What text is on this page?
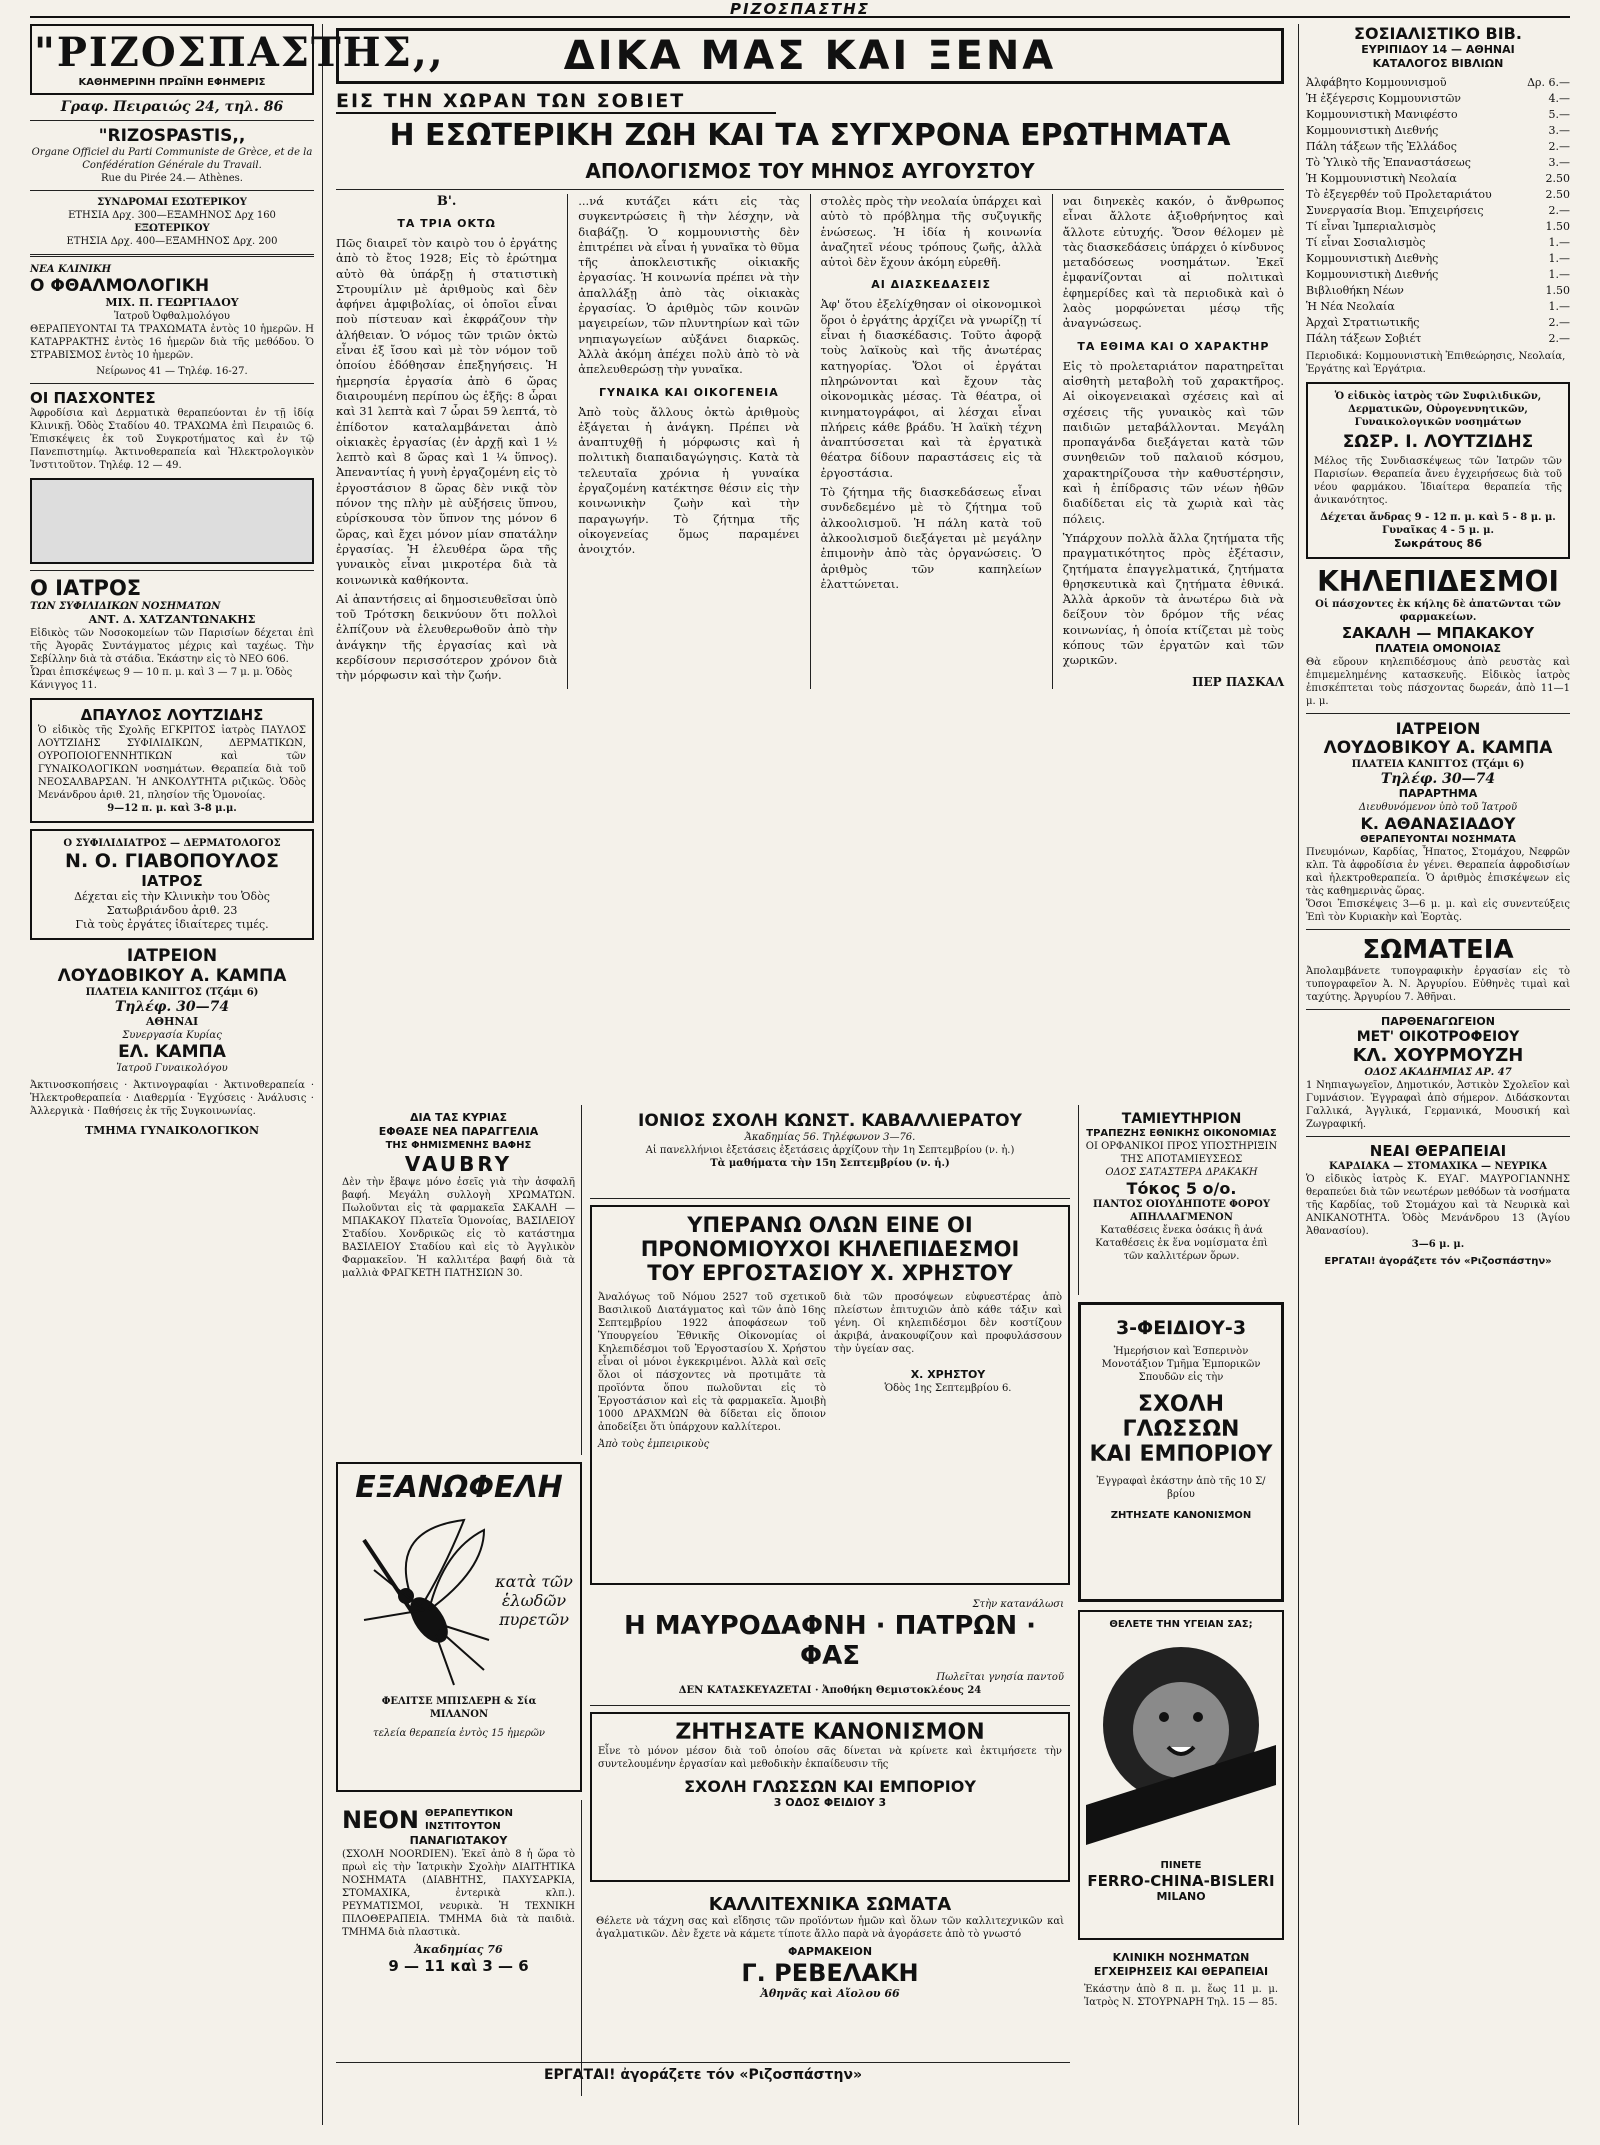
ΡΙΖΟΣΠΑΣΤΗΣ
"ΡΙΖΟΣΠΑΣΤΗΣ,,
ΚΑΘΗΜΕΡΙΝΗ ΠΡΩΪΝΗ ΕΦΗΜΕΡΙΣ
Γραφ. Πειραιώς 24, τηλ. 86
"RIZOSPASTIS,,
Organe Officiel du Parti Communiste de Grèce, et de la Confédération Générale du Travail.
Rue du Pirée 24.— Athènes.
ΣΥΝΔΡΟΜΑΙ ΕΣΩΤΕΡΙΚΟΥ
ΕΤΗΣΙΑ Δρχ. 300—ΕΞΑΜΗΝΟΣ Δρχ 160
ΕΞΩΤΕΡΙΚΟΥ
ΕΤΗΣΙΑ Δρχ. 400—ΕΞΑΜΗΝΟΣ Δρχ. 200
ΝΕΑ ΚΛΙΝΙΚΗ
Ο ΦΘΑΛΜΟΛΟΓΙΚΗ
ΜΙΧ. Π. ΓΕΩΡΓΙΑΔΟΥ
Ἰατροῦ Ὀφθαλμολόγου
ΘΕΡΑΠΕΥΟΝΤΑΙ ΤΑ ΤΡΑΧΩΜΑΤΑ ἐντὸς 10 ἡμερῶν. Η ΚΑΤΑΡΡΑΚΤΗΣ ἐντὸς 16 ἡμερῶν διὰ τῆς μεθόδου. Ὁ ΣΤΡΑΒΙΣΜΟΣ ἐντὸς 10 ἡμερῶν.
Νείρωνος 41 — Τηλέφ. 16-27.
ΟΙ ΠΑΣΧΟΝΤΕΣ
Ἀφροδίσια καὶ Δερματικὰ θεραπεύονται ἐν τῇ ἰδίᾳ Κλινικῇ. Ὁδὸς Σταδίου 40. ΤΡΑΧΩΜΑ ἐπὶ Πειραιῶς 6. Ἐπισκέψεις ἐκ τοῦ Συγκροτήματος καὶ ἐν τῷ Πανεπιστημίῳ. Ἀκτινοθεραπεία καὶ Ἡλεκτρολογικὸν Ἰνστιτοῦτον. Τηλέφ. 12 — 49.
Ο ΙΑΤΡΟΣ
ΤΩΝ ΣΥΦΙΛΙΔΙΚΩΝ ΝΟΣΗΜΑΤΩΝ
ΑΝΤ. Δ. ΧΑΤΖΑΝΤΩΝΑΚΗΣ
Εἰδικὸς τῶν Νοσοκομείων τῶν Παρισίων δέχεται ἐπὶ τῆς Ἀγορᾶς Συντάγματος μέχρις καὶ ταχέως. Τὴν Σεβίλλην διὰ τὰ στάδια. Ἐκάστην εἰς τὸ ΝΕΟ 606.
Ὧραι ἐπισκέψεως 9 — 10 π. μ. καὶ 3 — 7 μ. μ. Ὁδὸς Κάνιγγος 11.
ΔΠΑΥΛΟΣ ΛΟΥΤΖΙΔΗΣ
Ὁ εἰδικὸς τῆς Σχολῆς ΕΓΚΡΙΤΟΣ ἰατρὸς ΠΑΥΛΟΣ ΛΟΥΤΖΙΔΗΣ ΣΥΦΙΛΙΔΙΚΩΝ, ΔΕΡΜΑΤΙΚΩΝ, ΟΥΡΟΠΟΙΟΓΕΝΝΗΤΙΚΩΝ καὶ τῶν ΓΥΝΑΙΚΟΛΟΓΙΚΩΝ νοσημάτων. Θεραπεία διὰ τοῦ ΝΕΟΣΑΛΒΑΡΣΑΝ. Ἡ ΑΝΚΟΛΥΤΗΤΑ ριζικῶς. Ὁδὸς Μενάνδρου ἀριθ. 21, πλησίον τῆς Ὁμονοίας.
9—12 π. μ. καὶ 3-8 μ.μ.
Ο ΣΥΦΙΛΙΔΙΑΤΡΟΣ — ΔΕΡΜΑΤΟΛΟΓΟΣ
Ν. Ο. ΓΙΑΒΟΠΟΥΛΟΣ
ΙΑΤΡΟΣ
Δέχεται εἰς τὴν Κλινικὴν του Ὁδὸς Σατωβριάνδου ἀριθ. 23
Γιὰ τοὺς ἐργάτες ἰδιαίτερες τιμές.
ΙΑΤΡΕΙΟΝ
ΛΟΥΔΟΒΙΚΟΥ Α. ΚΑΜΠΑ
ΠΛΑΤΕΙΑ ΚΑΝΙΓΓΟΣ (Τζάμι 6)
Τηλέφ. 30—74
ΑΘΗΝΑΙ
Συνεργασία Κυρίας
ΕΛ. ΚΑΜΠΑ
Ἰατροῦ Γυναικολόγου
Ἀκτινοσκοπήσεις · Ἀκτινογραφίαι · Ἀκτινοθεραπεία · Ἡλεκτροθεραπεία · Διαθερμία · Ἐγχύσεις · Ἀνάλυσις · Ἀλλεργικὰ · Παθήσεις ἐκ τῆς Συγκοινωνίας.
ΤΜΗΜΑ ΓΥΝΑΙΚΟΛΟΓΙΚΟΝ
ΔΙΚΑ ΜΑΣ ΚΑΙ ΞΕΝΑ
ΕΙΣ ΤΗΝ ΧΩΡΑΝ ΤΩΝ ΣΟΒΙΕΤ
Η ΕΣΩΤΕΡΙΚΗ ΖΩΗ ΚΑΙ ΤΑ ΣΥΓΧΡΟΝΑ ΕΡΩΤΗΜΑΤΑ
ΑΠΟΛΟΓΙΣΜΟΣ ΤΟΥ ΜΗΝΟΣ ΑΥΓΟΥΣΤΟΥ
Β'.
ΤΑ ΤΡΙΑ ΟΚΤΩ
Πῶς διαιρεῖ τὸν καιρὸ του ὁ ἐργάτης ἀπὸ τὸ ἔτος 1928; Εἰς τὸ ἐρώτημα αὐτὸ θὰ ὑπάρξῃ ἡ στατιστικὴ Στρουμίλιν μὲ ἀριθμοὺς καὶ δὲν ἀφήνει ἀμφιβολίας, οἱ ὁποῖοι εἶναι ποὺ πίστευαν καὶ ἐκφράζουν τὴν ἀλήθειαν. Ὁ νόμος τῶν τριῶν ὀκτὼ εἶναι ἐξ ἴσου καὶ μὲ τὸν νόμον τοῦ ὁποίου ἐδόθησαν ἐπεξηγήσεις. Ἡ ἡμερησία ἐργασία ἀπὸ 6 ὥρας διαιρουμένη περίπου ὡς ἑξῆς: 8 ὧραι καὶ 31 λεπτὰ καὶ 7 ὧραι 59 λεπτά, τὸ ἐπίδοτον καταλαμβάνεται ἀπὸ οἰκιακὲς ἐργασίας (ἐν ἀρχῇ καὶ 1 ½ λεπτὸ καὶ 8 ὥρας καὶ 1 ¼ ὕπνος). Ἀπεναντίας ἡ γυνὴ ἐργαζομένη εἰς τὸ ἐργοστάσιον 8 ὥρας δὲν νικᾷ τὸν πόνον της πλὴν μὲ αὐξήσεις ὕπνου, εὑρίσκουσα τὸν ὕπνον της μόνον 6 ὥρας, καὶ ἔχει μόνον μίαν σπατάλην ἐργασίας. Ἡ ἐλευθέρα ὥρα τῆς γυναικὸς εἶναι μικροτέρα διὰ τὰ κοινωνικὰ καθήκοντα.
Αἱ ἀπαντήσεις αἱ δημοσιευθεῖσαι ὑπὸ τοῦ Τρότσκη δεικνύουν ὅτι πολλοὶ ἐλπίζουν νὰ ἐλευθερωθοῦν ἀπὸ τὴν ἀνάγκην τῆς ἐργασίας καὶ νὰ κερδίσουν περισσότερον χρόνον διὰ τὴν μόρφωσιν καὶ τὴν ζωήν.
...νά κυτάζει κάτι εἰς τὰς συγκεντρώσεις ἢ τὴν λέσχην, νὰ διαβάζῃ. Ὁ κομμουνιστὴς δὲν ἐπιτρέπει νὰ εἶναι ἡ γυναῖκα τὸ θῦμα τῆς ἀποκλειστικῆς οἰκιακῆς ἐργασίας. Ἡ κοινωνία πρέπει νὰ τὴν ἀπαλλάξῃ ἀπὸ τὰς οἰκιακὰς ἐργασίας. Ὁ ἀριθμὸς τῶν κοινῶν μαγειρείων, τῶν πλυντηρίων καὶ τῶν νηπιαγωγείων αὐξάνει διαρκῶς. Ἀλλὰ ἀκόμη ἀπέχει πολὺ ἀπὸ τὸ νὰ ἀπελευθερώσῃ τὴν γυναῖκα.
ΓΥΝΑΙΚΑ ΚΑΙ ΟΙΚΟΓΕΝΕΙΑ
Ἀπὸ τοὺς ἄλλους ὀκτὼ ἀριθμοὺς ἐξάγεται ἡ ἀνάγκη. Πρέπει νὰ ἀναπτυχθῇ ἡ μόρφωσις καὶ ἡ πολιτικὴ διαπαιδαγώγησις. Κατὰ τὰ τελευταῖα χρόνια ἡ γυναίκα ἐργαζομένη κατέκτησε θέσιν εἰς τὴν κοινωνικὴν ζωὴν καὶ τὴν παραγωγήν. Τὸ ζήτημα τῆς οἰκογενείας ὅμως παραμένει ἀνοιχτόν.
στολὲς πρὸς τὴν νεολαία ὑπάρχει καὶ αὐτὸ τὸ πρόβλημα τῆς συζυγικῆς ἑνώσεως. Ἡ ἰδία ἡ κοινωνία ἀναζητεῖ νέους τρόπους ζωῆς, ἀλλὰ αὐτοὶ δὲν ἔχουν ἀκόμη εὑρεθῆ.
ΑΙ ΔΙΑΣΚΕΔΑΣΕΙΣ
Ἀφ' ὅτου ἐξελίχθησαν οἱ οἰκονομικοὶ ὅροι ὁ ἐργάτης ἀρχίζει νὰ γνωρίζῃ τί εἶναι ἡ διασκέδασις. Τοῦτο ἀφορᾷ τοὺς λαϊκοὺς καὶ τῆς ἀνωτέρας κατηγορίας. Ὅλοι οἱ ἐργάται πληρώνονται καὶ ἔχουν τὰς οἰκονομικὰς μέσας. Τὰ θέατρα, οἱ κινηματογράφοι, αἱ λέσχαι εἶναι πλήρεις κάθε βράδυ. Ἡ λαϊκὴ τέχνη ἀναπτύσσεται καὶ τὰ ἐργατικὰ θέατρα δίδουν παραστάσεις εἰς τὰ ἐργοστάσια.
Τὸ ζήτημα τῆς διασκεδάσεως εἶναι συνδεδεμένο μὲ τὸ ζήτημα τοῦ ἀλκοολισμοῦ. Ἡ πάλη κατὰ τοῦ ἀλκοολισμοῦ διεξάγεται μὲ μεγάλην ἐπιμονὴν ἀπὸ τὰς ὀργανώσεις. Ὁ ἀριθμὸς τῶν καπηλείων ἐλαττώνεται.
ναι διηνεκὲς κακόν, ὁ ἄνθρωπος εἶναι ἄλλοτε ἀξιοθρήνητος καὶ ἄλλοτε εὐτυχής. Ὅσον θέλομεν μὲ τὰς διασκεδάσεις ὑπάρχει ὁ κίνδυνος μεταδόσεως νοσημάτων. Ἐκεῖ ἐμφανίζονται αἱ πολιτικαὶ ἐφημερίδες καὶ τὰ περιοδικὰ καὶ ὁ λαὸς μορφώνεται μέσῳ τῆς ἀναγνώσεως.
ΤΑ ΕΘΙΜΑ ΚΑΙ Ο ΧΑΡΑΚΤΗΡ
Εἰς τὸ προλεταριάτον παρατηρεῖται αἰσθητὴ μεταβολὴ τοῦ χαρακτῆρος. Αἱ οἰκογενειακαὶ σχέσεις καὶ αἱ σχέσεις τῆς γυναικὸς καὶ τῶν παιδιῶν μεταβάλλονται. Μεγάλη προπαγάνδα διεξάγεται κατὰ τῶν συνηθειῶν τοῦ παλαιοῦ κόσμου, χαρακτηρίζουσα τὴν καθυστέρησιν, καὶ ἡ ἐπίδρασις τῶν νέων ἠθῶν διαδίδεται εἰς τὰ χωριὰ καὶ τὰς πόλεις.
Ὑπάρχουν πολλὰ ἄλλα ζητήματα τῆς πραγματικότητος πρὸς ἐξέτασιν, ζητήματα ἐπαγγελματικά, ζητήματα θρησκευτικὰ καὶ ζητήματα ἐθνικά. Ἀλλὰ ἀρκοῦν τὰ ἀνωτέρω διὰ νὰ δείξουν τὸν δρόμον τῆς νέας κοινωνίας, ἡ ὁποία κτίζεται μὲ τοὺς κόπους τῶν ἐργατῶν καὶ τῶν χωρικῶν.
ΠΕΡ ΠΑΣΚΑΛ
ΔΙΑ ΤΑΣ ΚΥΡΙΑΣ
ΕΦΘΑΣΕ ΝΕΑ ΠΑΡΑΓΓΕΛΙΑ
ΤΗΣ ΦΗΜΙΣΜΕΝΗΣ ΒΑΦΗΣ
VAUBRY
Δὲν τὴν ἔβαψε μόνο ἐσεῖς γιὰ τὴν ἀσφαλῆ βαφή. Μεγάλη συλλογὴ ΧΡΩΜΑΤΩΝ. Πωλοῦνται εἰς τὰ φαρμακεῖα ΣΑΚΑΛΗ — ΜΠΑΚΑΚΟΥ Πλατεῖα Ὁμονοίας, ΒΑΣΙΛΕΙΟΥ Σταδίου. Χονδρικῶς εἰς τὸ κατάστημα ΒΑΣΙΛΕΙΟΥ Σταδίου καὶ εἰς τὸ Ἀγγλικὸν Φαρμακεῖον. Ἡ καλλιτέρα βαφή διὰ τὰ μαλλιὰ ΦΡΑΓΚΕΤΗ ΠΑΤΗΣΙΩΝ 30.
ΕΞΑΝΩΦΕΛΗ
κατὰ τῶν ἑλωδῶν πυρετῶν
ΦΕΛΙΤΣΕ ΜΠΙΣΛΕΡΗ & Σία
ΜΙΛΑΝΟΝ
τελεία θεραπεία ἐντὸς 15 ἡμερῶν
ΝΕΟΝ ΘΕΡΑΠΕΥΤΙΚΟΝ ΙΝΣΤΙΤΟΥΤΟΝ
ΠΑΝΑΓΙΩΤΑΚΟΥ
(ΣΧΟΛΗ NOORDIEN). Ἐκεῖ ἀπὸ 8 ἡ ὥρα τὸ πρωὶ εἰς τὴν Ἰατρικὴν Σχολὴν ΔΙΑΙΤΗΤΙΚΑ ΝΟΣΗΜΑΤΑ (ΔΙΑΒΗΤΗΣ, ΠΑΧΥΣΑΡΚΙΑ, ΣΤΟΜΑΧΙΚΑ, ἐντερικὰ κλπ.). ΡΕΥΜΑΤΙΣΜΟΙ, νευρικὰ. Ἡ ΤΕΧΝΙΚΗ ΠΙΛΟΘΕΡΑΠΕΙΑ. ΤΜΗΜΑ διὰ τὰ παιδιὰ. ΤΜΗΜΑ διὰ πλαστικὰ.
Ἀκαδημίας 76
9 — 11 καὶ 3 — 6
ΙΟΝΙΟΣ ΣΧΟΛΗ ΚΩΝΣΤ. ΚΑΒΑΛΛΙΕΡΑΤΟΥ
Ἀκαδημίας 56. Τηλέφωνον 3—76.
Αἱ πανελλήνιοι ἐξετάσεις ἐξετάσεις ἀρχίζουν τὴν 1η Σεπτεμβρίου (ν. ἡ.)
Τὰ μαθήματα τὴν 15η Σεπτεμβρίου (ν. ἡ.)
ΥΠΕΡΑΝΩ ΟΛΩΝ ΕΙΝΕ ΟΙ
ΠΡΟΝΟΜΙΟΥΧΟΙ ΚΗΛΕΠΙΔΕΣΜΟΙ
ΤΟΥ ΕΡΓΟΣΤΑΣΙΟΥ Χ. ΧΡΗΣΤΟΥ
Ἀναλόγως τοῦ Νόμου 2527 τοῦ σχετικοῦ Βασιλικοῦ Διατάγματος καὶ τῶν ἀπὸ 16ης Σεπτεμβρίου 1922 ἀποφάσεων τοῦ Ὑπουργείου Ἐθνικῆς Οἰκονομίας οἱ Κηλεπιδέσμοι τοῦ Ἐργοστασίου Χ. Χρήστου εἶναι οἱ μόνοι ἐγκεκριμένοι. Ἀλλὰ καὶ σεῖς ὅλοι οἱ πάσχοντες νὰ προτιμᾶτε τὰ προϊόντα ὅπου πωλοῦνται εἰς τὸ Ἐργοστάσιον καὶ εἰς τὰ φαρμακεῖα. Ἀμοιβὴ 1000 ΔΡΑΧΜΩΝ θὰ δίδεται εἰς ὅποιον ἀποδείξει ὅτι ὑπάρχουν καλλίτεροι.
διὰ τῶν προσόψεων εὐφυεστέρας ἀπὸ πλείστων ἐπιτυχιῶν ἀπὸ κάθε τάξιν καὶ γένη. Οἱ κηλεπιδέσμοι δὲν κοστίζουν ἀκριβά, ἀνακουφίζουν καὶ προφυλάσσουν τὴν ὑγείαν σας.
Χ. ΧΡΗΣΤΟΥ
Ὁδὸς 1ης Σεπτεμβρίου 6.
Ἀπὸ τοὺς ἐμπειρικοὺς
Στὴν κατανάλωσι
Η ΜΑΥΡΟΔΑΦΝΗ · ΠΑΤΡΩΝ · ΦΑΣ
Πωλεῖται γνησία παντοῦ
ΔΕΝ ΚΑΤΑΣΚΕΥΑΖΕΤΑΙ · Ἀποθήκη Θεμιστοκλέους 24
ΖΗΤΗΣΑΤΕ ΚΑΝΟΝΙΣΜΟΝ
Εἶνε τὸ μόνον μέσον διὰ τοῦ ὁποίου σᾶς δίνεται νὰ κρίνετε καὶ ἐκτιμήσετε τὴν συντελουμένην ἐργασίαν καὶ μεθοδικὴν ἐκπαίδευσιν τῆς
ΣΧΟΛΗ ΓΛΩΣΣΩΝ ΚΑΙ ΕΜΠΟΡΙΟΥ
3 ΟΔΟΣ ΦΕΙΔΙΟΥ 3
ΚΑΛΛΙΤΕΧΝΙΚΑ ΣΩΜΑΤΑ
Θέλετε νὰ τάχνη σας καὶ εἴδησις τῶν προϊόντων ἡμῶν καὶ ὅλων τῶν καλλιτεχνικῶν καὶ ἀγαλματικῶν. Δὲν ἔχετε νὰ κάμετε τίποτε ἄλλο παρὰ νὰ ἀγοράσετε ἀπὸ τὸ γνωστό
ΦΑΡΜΑΚΕΙΟΝ
Γ. ΡΕΒΕΛΑΚΗ
Ἀθηνᾶς καὶ Αἴολου 66
ΕΡΓΑΤΑΙ! ἀγοράζετε τόν «Ριζοσπάστην»
ΤΑΜΙΕΥΤΗΡΙΟΝ
ΤΡΑΠΕΖΗΣ ΕΘΝΙΚΗΣ ΟΙΚΟΝΟΜΙΑΣ
ΟΙ ΟΡΦΑΝΙΚΟΙ ΠΡΟΣ ΥΠΟΣΤΗΡΙΞΙΝ ΤΗΣ ΑΠΟΤΑΜΙΕΥΣΕΩΣ
ΟΔΟΣ ΣΑΤΑΣΤΕΡΑ ΔΡΑΚΑΚΗ
Τόκος 5 ο/ο.
ΠΑΝΤΟΣ ΟΙΟΥΔΗΠΟΤΕ ΦΟΡΟΥ ΑΠΗΛΛΑΓΜΕΝΟΝ
Καταθέσεις ἔνεκα ὁσάκις ἢ ἀνά Καταθέσεις ἐκ ἕνα νομίσματα ἐπὶ τῶν καλλιτέρων ὅρων.
3-ΦΕΙΔΙΟΥ-3
Ἡμερήσιον καὶ Ἑσπερινὸν Μονοτάξιον Τμῆμα Ἐμπορικῶν Σπουδῶν εἰς τὴν
ΣΧΟΛΗ ΓΛΩΣΣΩΝ
ΚΑΙ ΕΜΠΟΡΙΟΥ
Ἐγγραφαὶ ἐκάστην ἀπὸ τῆς 10 Σ/βρίου
ΖΗΤΗΣΑΤΕ ΚΑΝΟΝΙΣΜΟΝ
ΘΕΛΕΤΕ ΤΗΝ ΥΓΕΙΑΝ ΣΑΣ;
ΠΙΝΕΤΕ
FERRO-CHINA-BISLERI
MILANO
ΚΛΙΝΙΚΗ ΝΟΣΗΜΑΤΩΝ
ΕΓΧΕΙΡΗΣΕΙΣ ΚΑΙ ΘΕΡΑΠΕΙΑΙ
Ἐκάστην ἀπὸ 8 π. μ. ἕως 11 μ. μ. Ἰατρὸς Ν. ΣΤΟΥΡΝΑΡΗ Τηλ. 15 — 85.
ΣΟΣΙΑΛΙΣΤΙΚΟ ΒΙΒ.
ΕΥΡΙΠΙΔΟΥ 14 — ΑΘΗΝΑΙ
ΚΑΤΑΛΟΓΟΣ ΒΙΒΛΙΩΝ
Ἀλφάβητο Κομμουνισμοῦ	Δρ. 6.—
Ἡ ἐξέγερσις Κομμουνιστῶν	4.—
Κομμουνιστικὴ Μανιφέστο	5.—
Κομμουνιστικὴ Διεθνής	3.—
Πάλη τάξεων τῆς Ἑλλάδος	2.—
Τὸ Ὑλικὸ τῆς Ἐπαναστάσεως	3.—
Ἡ Κομμουνιστικὴ Νεολαία	2.50
Τὸ ἐξεγερθέν τοῦ Προλεταριάτου	2.50
Συνεργασία Βιομ. Ἐπιχειρήσεις	2.—
Τί εἶναι Ἰμπεριαλισμὸς	1.50
Τί εἶναι Σοσιαλισμὸς	1.—
Κομμουνιστικὴ Διεθνὴς	1.—
Κομμουνιστικὴ Διεθνής	1.—
Βιβλιοθήκη Νέων	1.50
Ἡ Νέα Νεολαία	1.—
Ἀρχαὶ Στρατιωτικῆς	2.—
Πάλη τάξεων Σοβιέτ	2.—
Περιοδικά: Κομμουνιστικὴ Ἐπιθεώρησις, Νεολαία, Ἐργάτης καὶ Ἑργάτρια.
Ὁ εἰδικὸς ἰατρὸς τῶν Συφιλιδικῶν, Δερματικῶν, Οὐρογεννητικῶν, Γυναικολογικῶν νοσημάτων
ΣΩΣΡ. Ι. ΛΟΥΤΖΙΔΗΣ
Μέλος τῆς Συνδιασκέψεως τῶν Ἰατρῶν τῶν Παρισίων. Θεραπεία ἄνευ ἐγχειρήσεως διὰ τοῦ νέου φαρμάκου. Ἰδιαίτερα θεραπεία τῆς ἀνικανότητος.
Δέχεται ἄνδρας 9 - 12 π. μ. καὶ 5 - 8 μ. μ.
Γυναῖκας 4 - 5 μ. μ.
Σωκράτους 86
ΚΗΛΕΠΙΔΕΣΜΟΙ
Οἱ πάσχοντες ἐκ κήλης δὲ ἀπατῶνται τῶν φαρμακείων.
ΣΑΚΑΛΗ — ΜΠΑΚΑΚΟΥ
ΠΛΑΤΕΙΑ ΟΜΟΝΟΙΑΣ
Θὰ εὕρουν κηλεπιδέσμους ἀπὸ ρευστὰς καὶ ἐπιμεμελημένης κατασκευῆς. Εἰδικὸς ἰατρὸς ἐπισκέπτεται τοὺς πάσχοντας δωρεάν, ἀπὸ 11—1 μ. μ.
ΙΑΤΡΕΙΟΝ
ΛΟΥΔΟΒΙΚΟΥ Α. ΚΑΜΠΑ
ΠΛΑΤΕΙΑ ΚΑΝΙΓΓΟΣ (Τζάμι 6)
Τηλέφ. 30—74
ΠΑΡΑΡΤΗΜΑ
Διευθυνόμενον ὑπὸ τοῦ Ἰατροῦ
Κ. ΑΘΑΝΑΣΙΑΔΟΥ
ΘΕΡΑΠΕΥΟΝΤΑΙ ΝΟΣΗΜΑΤΑ
Πνευμόνων, Καρδίας, Ἧπατος, Στομάχου, Νεφρῶν κλπ. Τὰ ἀφροδίσια ἐν γένει. Θεραπεία ἀφροδισίων καὶ ἡλεκτροθεραπεία. Ὁ ἀριθμὸς ἐπισκέψεων εἰς τὰς καθημερινὰς ὥρας.
Ὅσοι Ἐπισκέψεις 3—6 μ. μ. καὶ εἰς συνεντεύξεις Ἐπὶ τὸν Κυριακὴν καὶ Ἑορτὰς.
ΣΩΜΑΤΕΙΑ
Ἀπολαμβάνετε τυπογραφικὴν ἐργασίαν εἰς τὸ τυπογραφεῖον Ἀ. Ν. Ἀργυρίου. Εὐθηνὲς τιμαὶ καὶ ταχύτης. Ἀργυρίου 7. Ἀθῆναι.
ΠΑΡΘΕΝΑΓΩΓΕΙΟΝ
ΜΕΤ' ΟΙΚΟΤΡΟΦΕΙΟΥ
ΚΛ. ΧΟΥΡΜΟΥΖΗ
ΟΔΟΣ ΑΚΑΔΗΜΙΑΣ ΑΡ. 47
1 Νηπιαγωγεῖον, Δημοτικόν, Ἀστικὸν Σχολεῖον καὶ Γυμνάσιον. Ἐγγραφαὶ ἀπὸ σήμερον. Διδάσκονται Γαλλικά, Ἀγγλικά, Γερμανικά, Μουσική καὶ Ζωγραφική.
ΝΕΑΙ ΘΕΡΑΠΕΙΑΙ
ΚΑΡΔΙΑΚΑ — ΣΤΟΜΑΧΙΚΑ — ΝΕΥΡΙΚΑ
Ὁ εἰδικὸς ἰατρὸς Κ. ΕΥΑΓ. ΜΑΥΡΟΓΙΑΝΝΗΣ θεραπεύει διὰ τῶν νεωτέρων μεθόδων τὰ νοσήματα τῆς Καρδίας, τοῦ Στομάχου καὶ τὰ Νευρικὰ καὶ ΑΝΙΚΑΝΟΤΗΤΑ. Ὁδὸς Μενάνδρου 13 (Ἀγίου Ἀθανασίου).
3—6 μ. μ.
ΕΡΓΑΤΑΙ! ἀγοράζετε τόν «Ριζοσπάστην»
